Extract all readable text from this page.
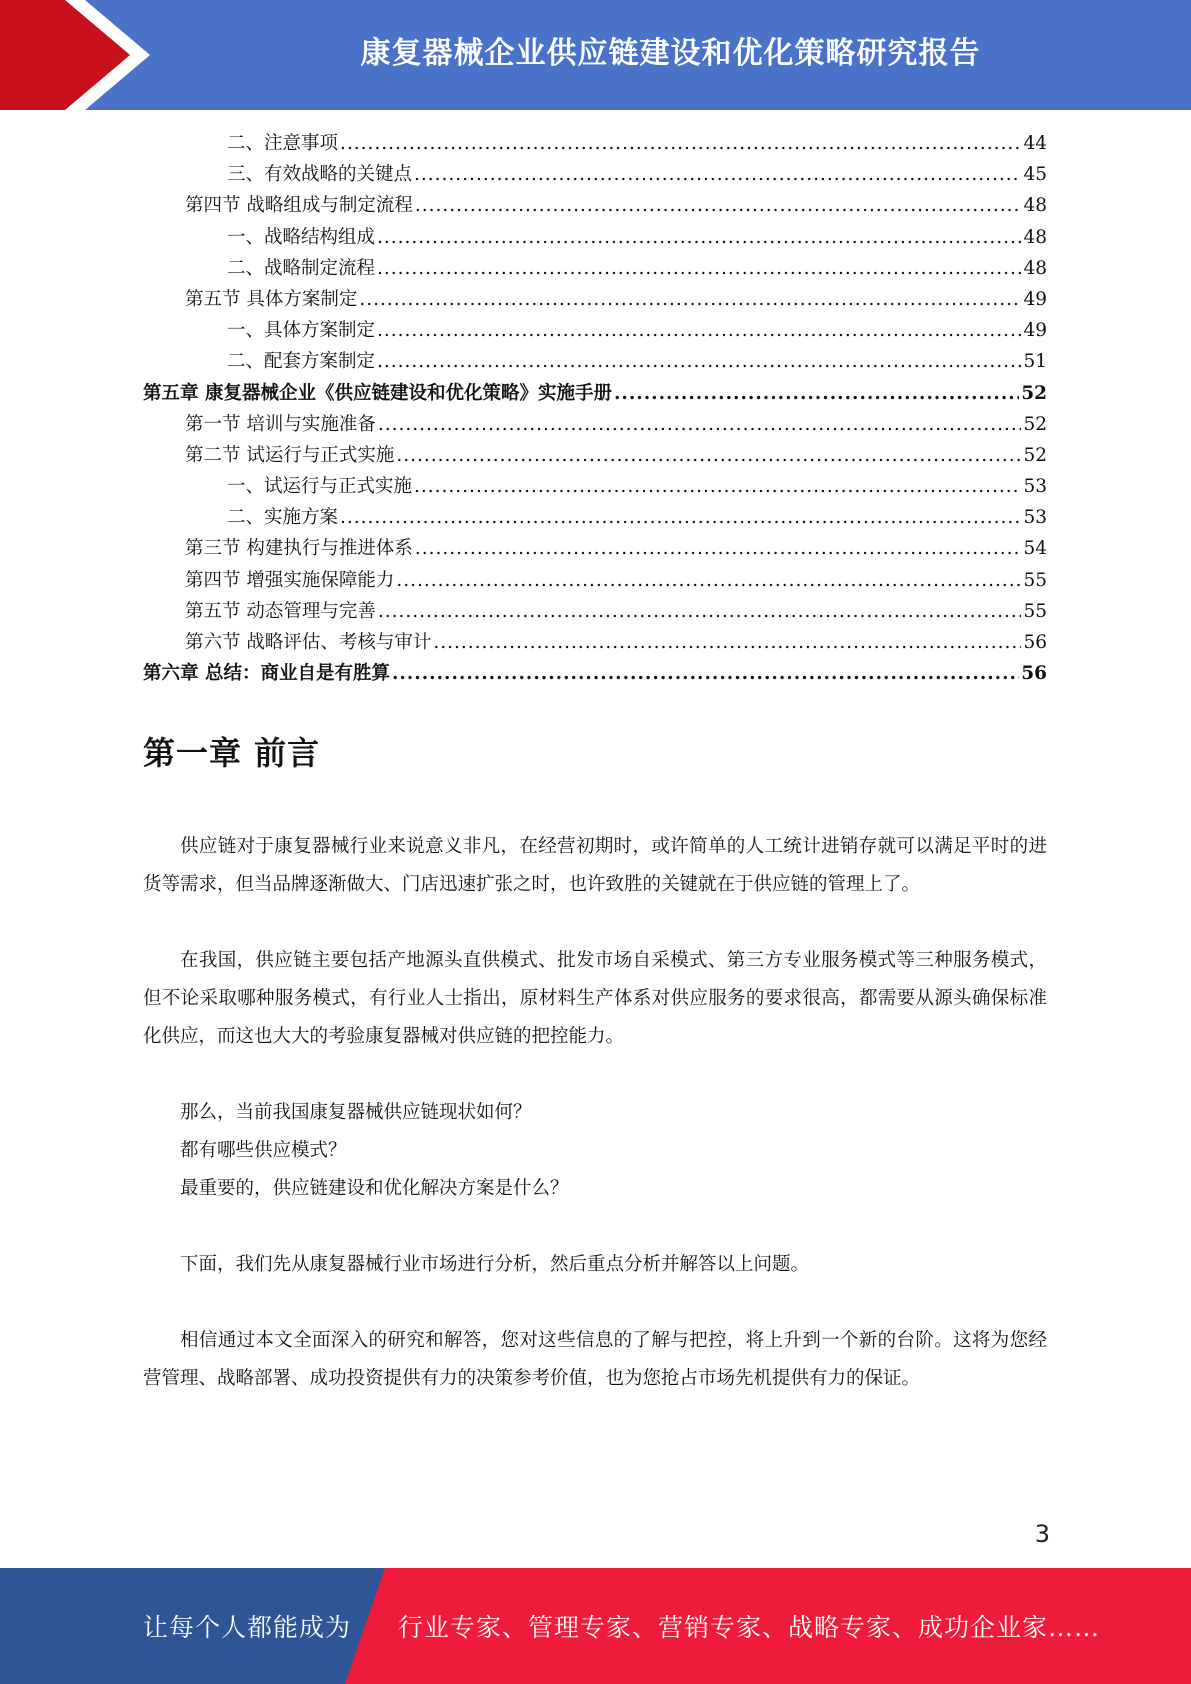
康复器械企业供应链建设和优化策略研究报告
二、注意事项 .....	44
三、有效战略的关键点 .....	45
第四节 战略组成与制定流程 .....	48
一、战略结构组成 .....	48
二、战略制定流程 .....	48
第五节 具体方案制定 .....	49
一、具体方案制定 .....	49
二、配套方案制定 .....	51
第五章 康复器械企业《供应链建设和优化策略》实施手册 .....	52
第一节 培训与实施准备 .....	52
第二节 试运行与正式实施 .....	52
一、试运行与正式实施 .....	53
二、实施方案 .....	53
第三节 构建执行与推进体系 .....	54
第四节 增强实施保障能力 .....	55
第五节 动态管理与完善 .....	55
第六节 战略评估、考核与审计 .....	56
第六章 总结：商业自是有胜算 .....	56
第一章 前言

供应链对于康复器械行业来说意义非凡，在经营初期时，或许简单的人工统计进销存就可以满足平时的进货等需求，但当品牌逐渐做大、门店迅速扩张之时，也许致胜的关键就在于供应链的管理上了。

在我国，供应链主要包括产地源头直供模式、批发市场自采模式、第三方专业服务模式等三种服务模式，但不论采取哪种服务模式，有行业人士指出，原材料生产体系对供应服务的要求很高，都需要从源头确保标准化供应，而这也大大的考验康复器械对供应链的把控能力。

那么，当前我国康复器械供应链现状如何？

都有哪些供应模式？

最重要的，供应链建设和优化解决方案是什么？

下面，我们先从康复器械行业市场进行分析，然后重点分析并解答以上问题。

相信通过本文全面深入的研究和解答，您对这些信息的了解与把控，将上升到一个新的台阶。这将为您经营管理、战略部署、成功投资提供有力的决策参考价值，也为您抢占市场先机提供有力的保证。

3
让每个人都能成为 行业专家、管理专家、营销专家、战略专家、成功企业家……
